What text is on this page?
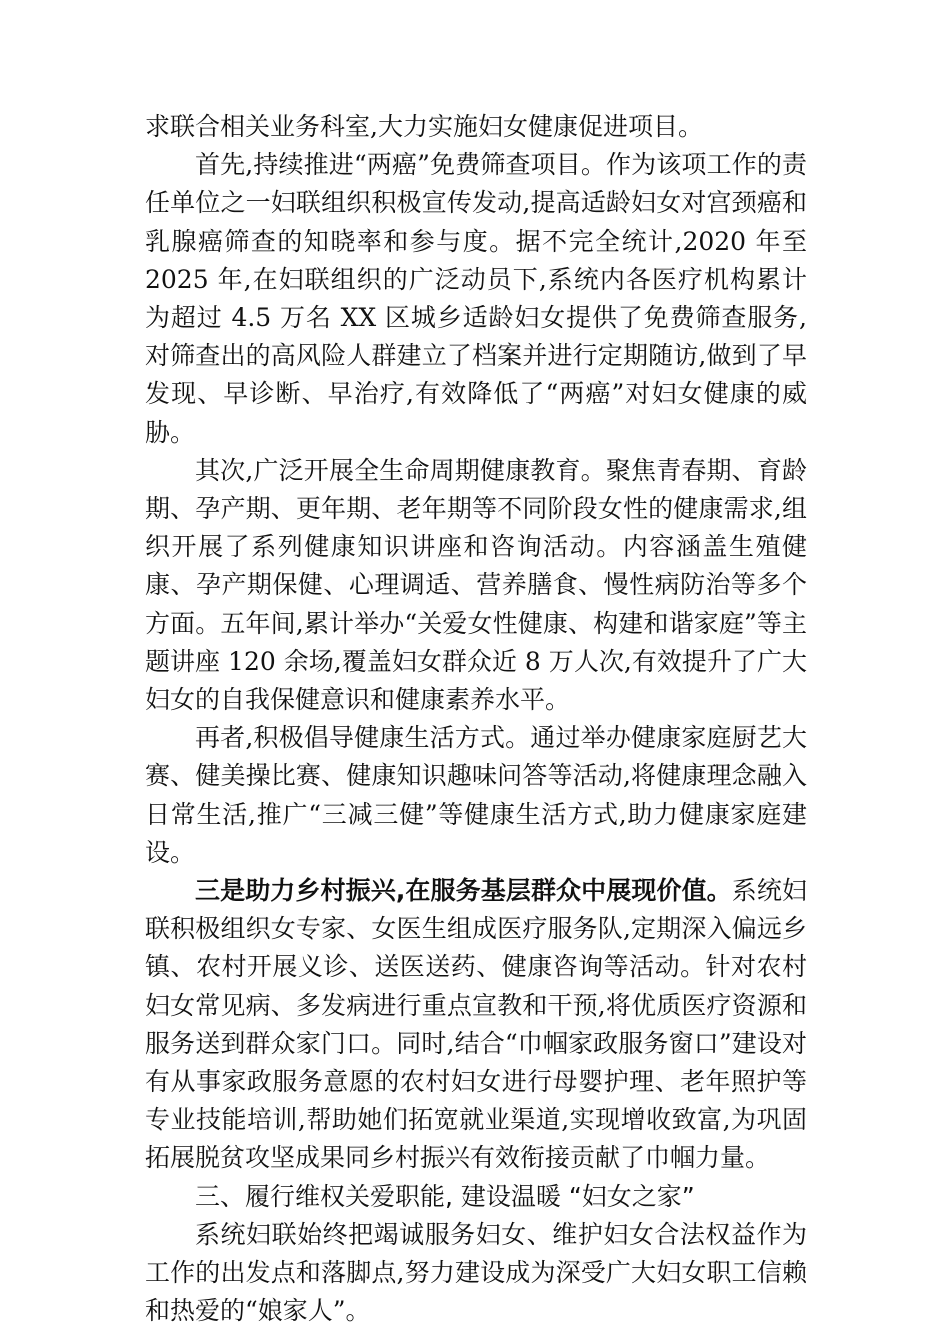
求联合相关业务科室,大力实施妇女健康促进项目。

首先,持续推进“两癌”免费筛查项目。作为该项工作的责任单位之一妇联组织积极宣传发动,提高适龄妇女对宫颈癌和乳腺癌筛查的知晓率和参与度。据不完全统计,2020 年至 2025 年,在妇联组织的广泛动员下,系统内各医疗机构累计为超过 4.5 万名 XX 区城乡适龄妇女提供了免费筛查服务,对筛查出的高风险人群建立了档案并进行定期随访,做到了早发现、早诊断、早治疗,有效降低了“两癌”对妇女健康的威胁。

其次,广泛开展全生命周期健康教育。聚焦青春期、育龄期、孕产期、更年期、老年期等不同阶段女性的健康需求,组织开展了系列健康知识讲座和咨询活动。内容涵盖生殖健康、孕产期保健、心理调适、营养膳食、慢性病防治等多个方面。五年间,累计举办“关爱女性健康、构建和谐家庭”等主题讲座 120 余场,覆盖妇女群众近 8 万人次,有效提升了广大妇女的自我保健意识和健康素养水平。

再者,积极倡导健康生活方式。通过举办健康家庭厨艺大赛、健美操比赛、健康知识趣味问答等活动,将健康理念融入日常生活,推广“三减三健”等健康生活方式,助力健康家庭建设。

三是助力乡村振兴,在服务基层群众中展现价值。系统妇联积极组织女专家、女医生组成医疗服务队,定期深入偏远乡镇、农村开展义诊、送医送药、健康咨询等活动。针对农村妇女常见病、多发病进行重点宣教和干预,将优质医疗资源和服务送到群众家门口。同时,结合“巾帼家政服务窗口”建设对有从事家政服务意愿的农村妇女进行母婴护理、老年照护等专业技能培训,帮助她们拓宽就业渠道,实现增收致富,为巩固拓展脱贫攻坚成果同乡村振兴有效衔接贡献了巾帼力量。

三、履行维权关爱职能, 建设温暖 “妇女之家”

系统妇联始终把竭诚服务妇女、维护妇女合法权益作为工作的出发点和落脚点,努力建设成为深受广大妇女职工信赖和热爱的“娘家人”。
